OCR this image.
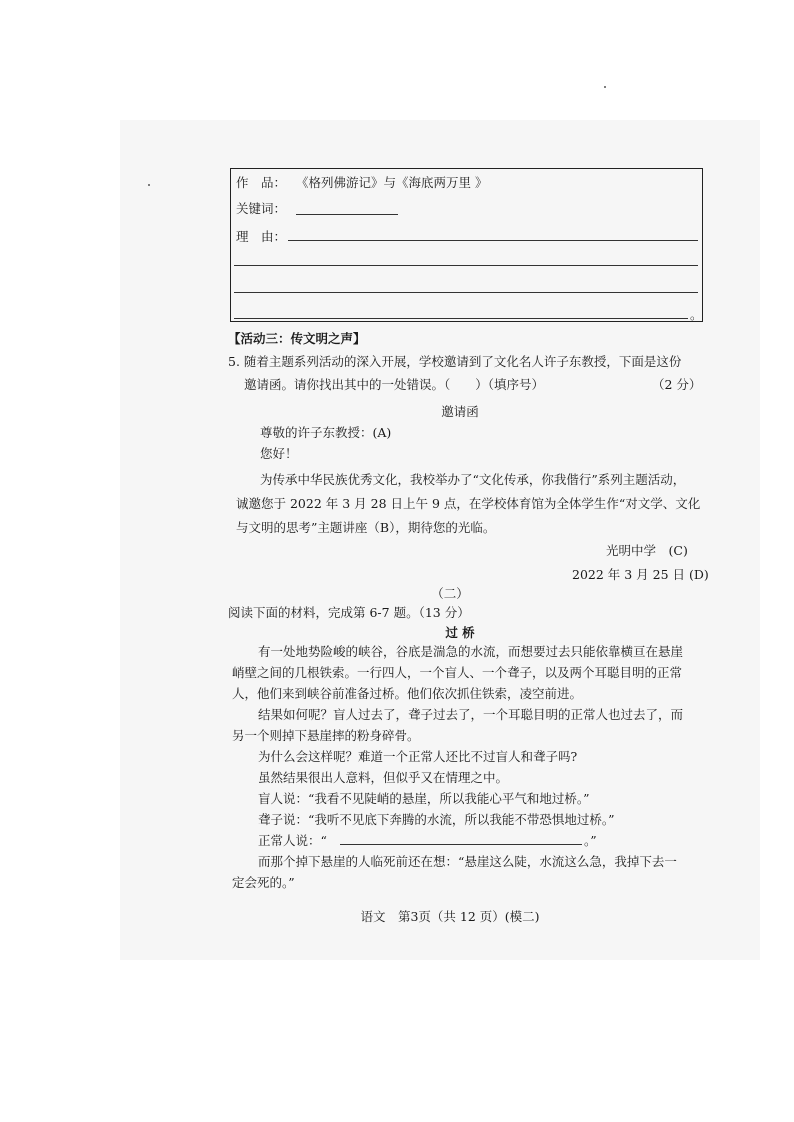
作　品： 《格列佛游记》与《海底两万里 》
关键词：
理　由：
。
【活动三：传文明之声】
5. 随着主题系列活动的深入开展，学校邀请到了文化名人许子东教授，下面是这份
邀请函。请你找出其中的一处错误。（　　）（填序号）	（2 分）
邀请函
尊敬的许子东教授：(A)
您好！
为传承中华民族优秀文化，我校举办了“文化传承，你我偕行”系列主题活动，
诚邀您于 2022 年 3 月 28 日上午 9 点，在学校体育馆为全体学生作“对文学、文化
与文明的思考”主题讲座（B），期待您的光临。
光明中学　(C)
2022 年 3 月 25 日 (D)
（二）
阅读下面的材料，完成第 6-7 题。（13 分）
过 桥
有一处地势险峻的峡谷，谷底是湍急的水流，而想要过去只能依靠横亘在悬崖
峭壁之间的几根铁索。一行四人，一个盲人、一个聋子，以及两个耳聪目明的正常
人，他们来到峡谷前准备过桥。他们依次抓住铁索，凌空前进。
结果如何呢？盲人过去了，聋子过去了，一个耳聪目明的正常人也过去了，而
另一个则掉下悬崖摔的粉身碎骨。
为什么会这样呢？难道一个正常人还比不过盲人和聋子吗?
虽然结果很出人意料，但似乎又在情理之中。
盲人说：“我看不见陡峭的悬崖，所以我能心平气和地过桥。”
聋子说：“我听不见底下奔腾的水流，所以我能不带恐惧地过桥。”
正常人说：“	。”
而那个掉下悬崖的人临死前还在想：“悬崖这么陡，水流这么急，我掉下去一
定会死的。”
语文　第3页（共 12 页）(模二)
